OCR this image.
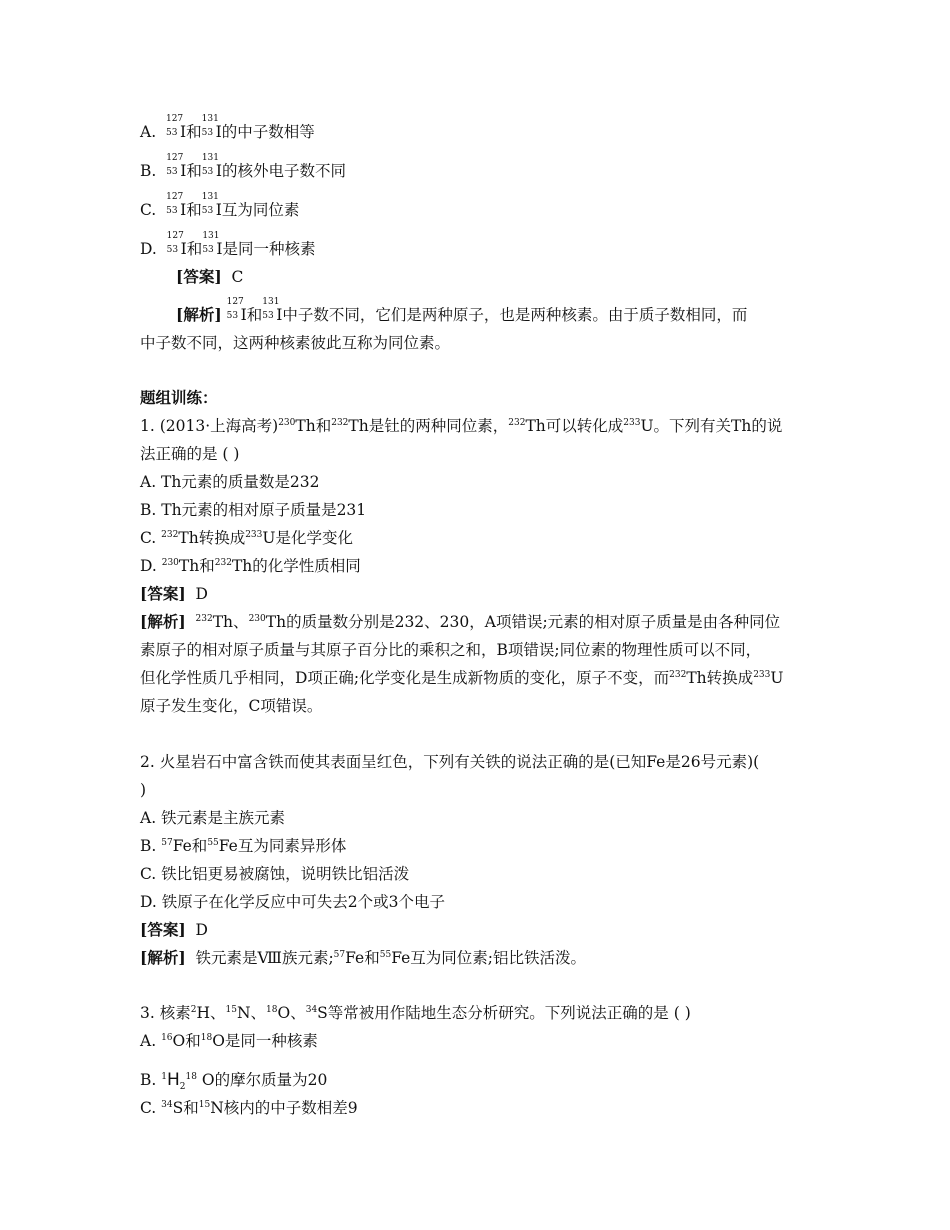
A.
127
53 I和
131
53 I的中子数相等
B.
127
53 I和
131
53 I的核外电子数不同
C.
127
53 I和
131
53 I互为同位素
D.
127
53 I和
131
53 I是同一种核素
[答案] C
[解析]
127
53 I和
131
53 I中子数不同，它们是两种原子，也是两种核素。由于质子数相同，而
中子数不同，这两种核素彼此互称为同位素。
题组训练：
1. (2013·上海高考)$^{230}$Th和$^{232}$Th是钍的两种同位素，$^{232}$Th可以转化成$^{233}$U。下列有关Th的说
法正确的是 ( )
A. Th元素的质量数是232
B. Th元素的相对原子质量是231
C. $^{232}$Th转换成$^{233}$U是化学变化
D. $^{230}$Th和$^{232}$Th的化学性质相同
[答案] D
[解析] $^{232}$Th、$^{230}$Th的质量数分别是232、230，A项错误;元素的相对原子质量是由各种同位
素原子的相对原子质量与其原子百分比的乘积之和，B项错误;同位素的物理性质可以不同，
但化学性质几乎相同，D项正确;化学变化是生成新物质的变化，原子不变，而$^{232}$Th转换成$^{233}$U
原子发生变化，C项错误。
2. 火星岩石中富含铁而使其表面呈红色，下列有关铁的说法正确的是(已知Fe是26号元素)(
)
A. 铁元素是主族元素
B. $^{57}$Fe和$^{55}$Fe互为同素异形体
C. 铁比铝更易被腐蚀，说明铁比铝活泼
D. 铁原子在化学反应中可失去2个或3个电子
[答案] D
[解析] 铁元素是Ⅷ族元素;$^{57}$Fe和$^{55}$Fe互为同位素;铝比铁活泼。
3. 核素$^2$H、$^{15}$N、$^{18}$O、$^{34}$S等常被用作陆地生态分析研究。下列说法正确的是 ( )
A. $^{16}$O和$^{18}$O是同一种核素
B. $^1H_2^{18}$ O的摩尔质量为20
C. $^{34}$S和$^{15}$N核内的中子数相差9
